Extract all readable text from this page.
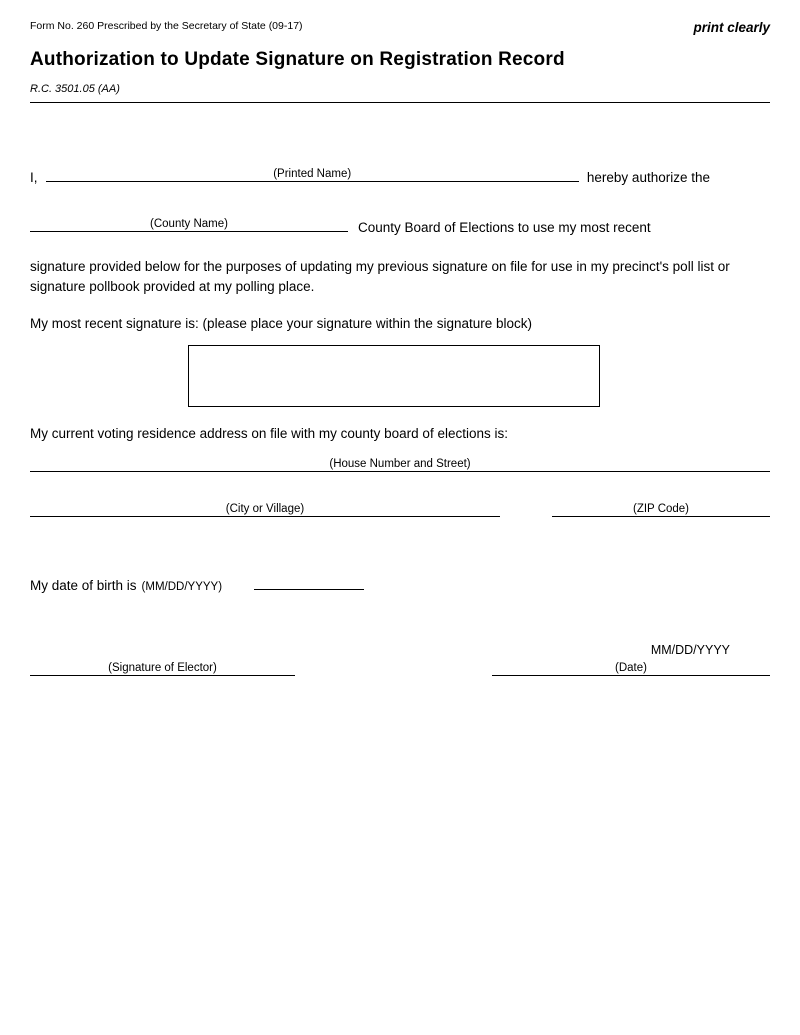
Form No. 260 Prescribed by the Secretary of State (09-17)	print clearly
Authorization to Update Signature on Registration Record
R.C. 3501.05 (AA)
I,	(Printed Name)	hereby authorize the
(County Name)	County Board of Elections to use my most recent
signature provided below for the purposes of updating my previous signature on file for use in my precinct's poll list or signature pollbook provided at my polling place.
My most recent signature is: (please place your signature within the signature block)
My current voting residence address on file with my county board of elections is:
(House Number and Street)
(City or Village)	(ZIP Code)
My date of birth is (MM/DD/YYYY)
(Signature of Elector)
MM/DD/YYYY
(Date)
